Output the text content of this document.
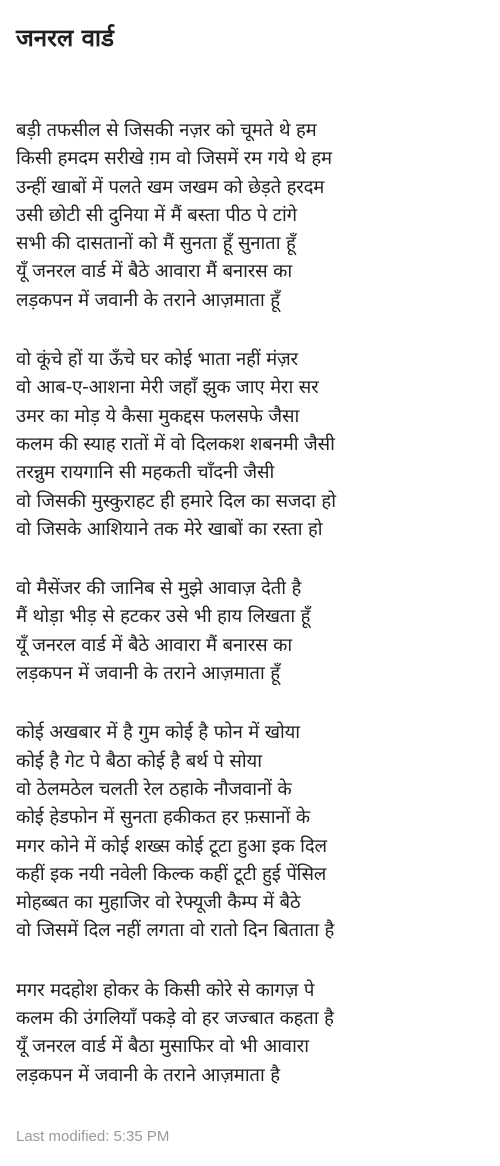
जनरल वार्ड
बड़ी तफसील से जिसकी नज़र को चूमते थे हम
किसी हमदम सरीखे ग़म वो जिसमें रम गये थे हम
उन्हीं खाबों में पलते खम जखम को छेड़ते हरदम
उसी छोटी सी दुनिया में मैं बस्ता पीठ पे टांगे
सभी की दासतानों को मैं सुनता हूँ सुनाता हूँ
यूँ जनरल वार्ड में बैठे आवारा मैं बनारस का
लड़कपन में जवानी के तराने आज़माता हूँ
वो कूंचे हों या ऊँचे घर कोई भाता नहीं मंज़र
वो आब-ए-आशना मेरी जहाँ झुक जाए मेरा सर
उमर का मोड़ ये कैसा मुकद्दस फलसफे जैसा
कलम की स्याह रातों में वो दिलकश शबनमी जैसी
तरन्नुम रायगानि सी महकती चाँदनी जैसी
वो जिसकी मुस्कुराहट ही हमारे दिल का सजदा हो
वो जिसके आशियाने तक मेरे खाबों का रस्ता हो
वो मैसेंजर की जानिब से मुझे आवाज़ देती है
मैं थोड़ा भीड़ से हटकर उसे भी हाय लिखता हूँ
यूँ जनरल वार्ड में बैठे आवारा मैं बनारस का
लड़कपन में जवानी के तराने आज़माता हूँ
कोई अखबार में है गुम कोई है फोन में खोया
कोई है गेट पे बैठा कोई है बर्थ पे सोया
वो ठेलमठेल चलती रेल ठहाके नौजवानों के
कोई हेडफोन में सुनता हकीकत हर फ़सानों के
मगर कोने में कोई शख्स कोई टूटा हुआ इक दिल
कहीं इक नयी नवेली किल्क कहीं टूटी हुई पेंसिल
मोहब्बत का मुहाजिर वो रेफ्यूजी कैम्प में बैठे
वो जिसमें दिल नहीं लगता वो रातो दिन बिताता है
मगर मदहोश होकर के किसी कोरे से कागज़ पे
कलम की उंगलियाँ पकड़े वो हर जज्बात कहता है
यूँ जनरल वार्ड में बैठा मुसाफिर वो भी आवारा
लड़कपन में जवानी के तराने आज़माता है
Last modified: 5:35 PM
